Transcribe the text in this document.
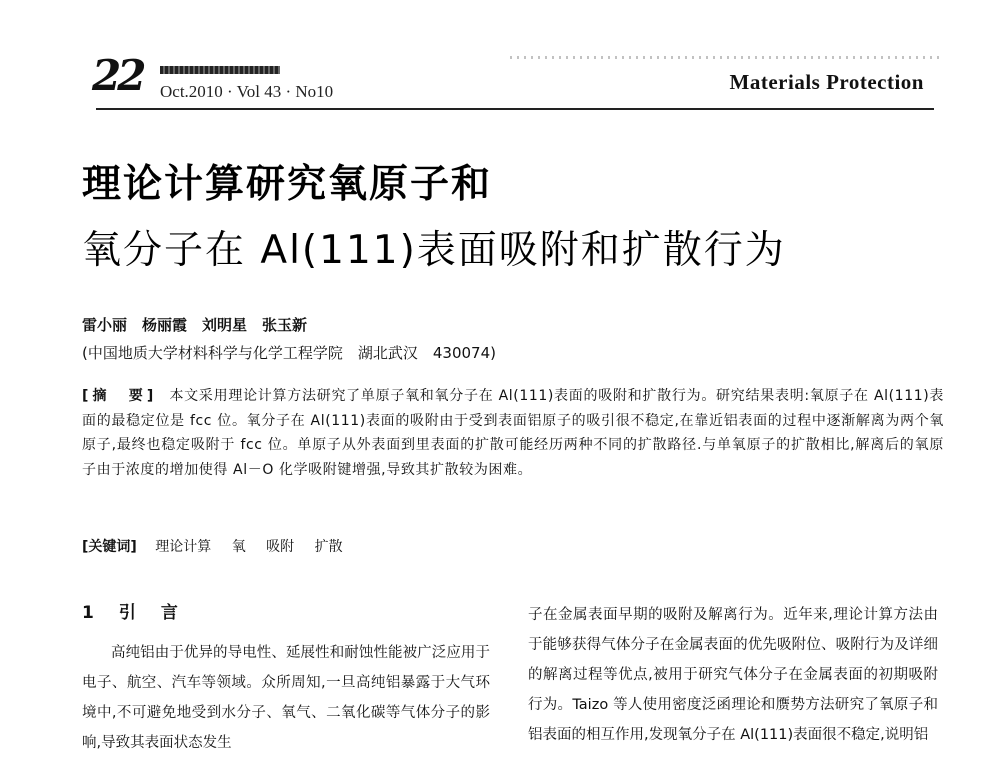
22 Oct.2010 · Vol 43 · No10	Materials Protection
理论计算研究氧原子和
氧分子在 Al(111)表面吸附和扩散行为
雷小丽　杨丽霞　刘明星　张玉新
(中国地质大学材料科学与化学工程学院　湖北武汉　430074)
[摘　要] 本文采用理论计算方法研究了单原子氧和氧分子在 Al(111)表面的吸附和扩散行为。研究结果表明:氧原子在 Al(111)表面的最稳定位是 fcc 位。氧分子在 Al(111)表面的吸附由于受到表面铝原子的吸引很不稳定,在靠近铝表面的过程中逐渐解离为两个氧原子,最终也稳定吸附于 fcc 位。单原子从外表面到里表面的扩散可能经历两种不同的扩散路径.与单氧原子的扩散相比,解离后的氧原子由于浓度的增加使得 Al－O 化学吸附键增强,导致其扩散较为困难。
[关键词] 理论计算 氧 吸附 扩散
1　引　言
高纯铝由于优异的导电性、延展性和耐蚀性能被广泛应用于电子、航空、汽车等领域。众所周知,一旦高纯铝暴露于大气环境中,不可避免地受到水分子、氧气、二氧化碳等气体分子的影响,导致其表面状态发生
子在金属表面早期的吸附及解离行为。近年来,理论计算方法由于能够获得气体分子在金属表面的优先吸附位、吸附行为及详细的解离过程等优点,被用于研究气体分子在金属表面的初期吸附行为。Taizo 等人使用密度泛函理论和赝势方法研究了氧原子和铝表面的相互作用,发现氧分子在 Al(111)表面很不稳定,说明铝
